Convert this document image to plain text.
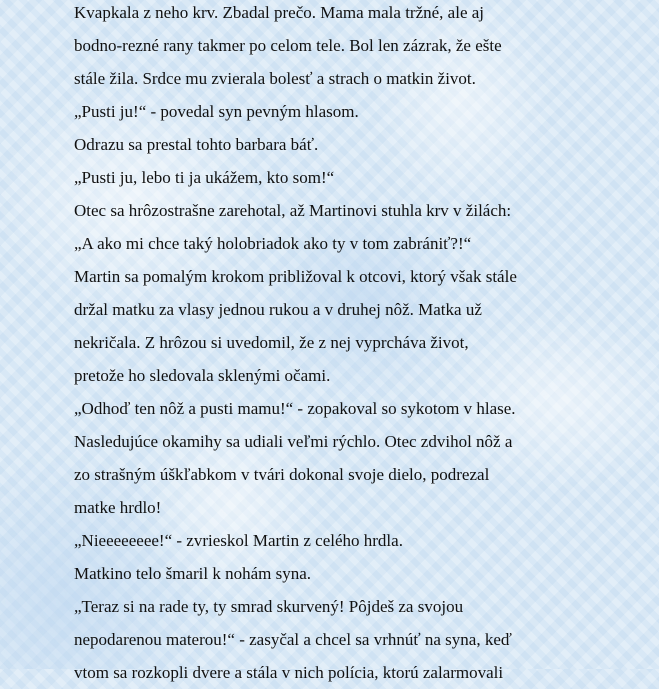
Kvapkala z neho krv. Zbadal prečo. Mama mala tržné, ale aj
bodno-rezné rany takmer po celom tele. Bol len zázrak, že ešte
stále žila. Srdce mu zvierala bolesť a strach o matkin život.
„Pusti ju!“ - povedal syn pevným hlasom.
Odrazu sa prestal tohto barbara báť.
„Pusti ju, lebo ti ja ukážem, kto som!“
Otec sa hrôzostrašne zarehotal, až Martinovi stuhla krv v žilách:
„A ako mi chce taký holobriadok ako ty v tom zabrániť?!“
Martin sa pomalým krokom približoval k otcovi, ktorý však stále
držal matku za vlasy jednou rukou a v druhej nôž. Matka už
nekričala. Z hrôzou si uvedomil, že z nej vyprcháva život,
pretože ho sledovala sklenými očami.
„Odhoď ten nôž a pusti mamu!“ - zopakoval so sykotom v hlase.
Nasledujúce okamihy sa udiali veľmi rýchlo. Otec zdvihol nôž a
zo strašným úškľabkom v tvári dokonal svoje dielo, podrezal
matke hrdlo!
„Nieeeeeeee!“ - zvrieskol Martin z celého hrdla.
Matkino telo šmaril k nohám syna.
„Teraz si na rade ty, ty smrad skurvený! Pôjdeš za svojou
nepodarenou materou!“ - zasyčal a chcel sa vrhnúť na syna, keď
vtom sa rozkopli dvere a stála v nich polícia, ktorú zalarmovali
